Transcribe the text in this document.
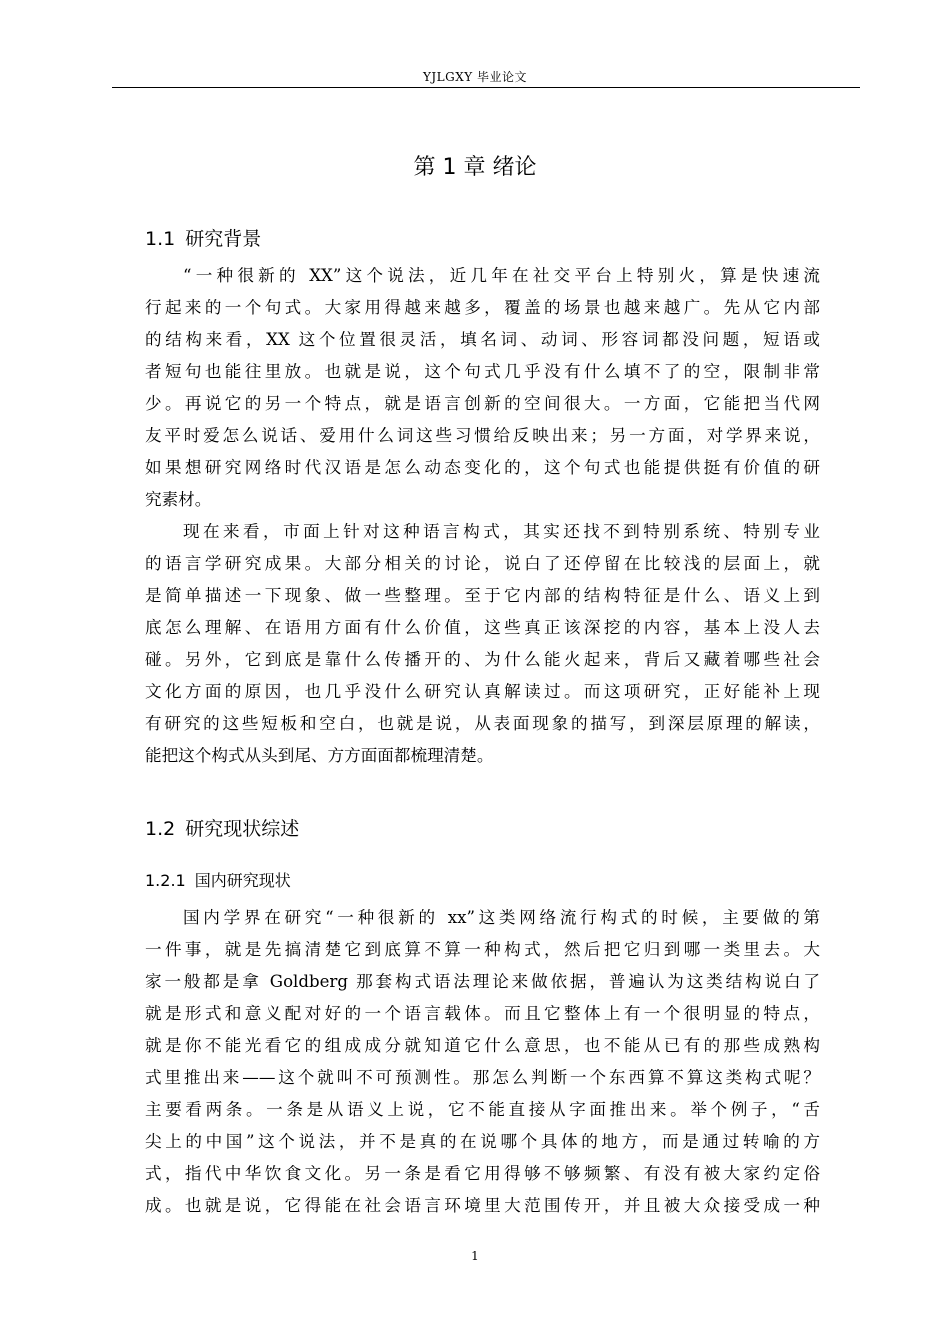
YJLGXY 毕业论文
第 1 章 绪论
1.1 研究背景
“一种很新的 XX”这个说法，近几年在社交平台上特别火，算是快速流
行起来的一个句式。大家用得越来越多，覆盖的场景也越来越广。先从它内部
的结构来看，XX 这个位置很灵活，填名词、动词、形容词都没问题，短语或
者短句也能往里放。也就是说，这个句式几乎没有什么填不了的空，限制非常
少。再说它的另一个特点，就是语言创新的空间很大。一方面，它能把当代网
友平时爱怎么说话、爱用什么词这些习惯给反映出来；另一方面，对学界来说，
如果想研究网络时代汉语是怎么动态变化的，这个句式也能提供挺有价值的研
究素材。
现在来看，市面上针对这种语言构式，其实还找不到特别系统、特别专业
的语言学研究成果。大部分相关的讨论，说白了还停留在比较浅的层面上，就
是简单描述一下现象、做一些整理。至于它内部的结构特征是什么、语义上到
底怎么理解、在语用方面有什么价值，这些真正该深挖的内容，基本上没人去
碰。另外，它到底是靠什么传播开的、为什么能火起来，背后又藏着哪些社会
文化方面的原因，也几乎没什么研究认真解读过。而这项研究，正好能补上现
有研究的这些短板和空白，也就是说，从表面现象的描写，到深层原理的解读，
能把这个构式从头到尾、方方面面都梳理清楚。
1.2 研究现状综述
1.2.1 国内研究现状
国内学界在研究“一种很新的 xx”这类网络流行构式的时候，主要做的第
一件事，就是先搞清楚它到底算不算一种构式，然后把它归到哪一类里去。大
家一般都是拿 Goldberg 那套构式语法理论来做依据，普遍认为这类结构说白了
就是形式和意义配对好的一个语言载体。而且它整体上有一个很明显的特点，
就是你不能光看它的组成成分就知道它什么意思，也不能从已有的那些成熟构
式里推出来——这个就叫不可预测性。那怎么判断一个东西算不算这类构式呢？
主要看两条。一条是从语义上说，它不能直接从字面推出来。举个例子，“舌
尖上的中国”这个说法，并不是真的在说哪个具体的地方，而是通过转喻的方
式，指代中华饮食文化。另一条是看它用得够不够频繁、有没有被大家约定俗
成。也就是说，它得能在社会语言环境里大范围传开，并且被大众接受成一种
1
